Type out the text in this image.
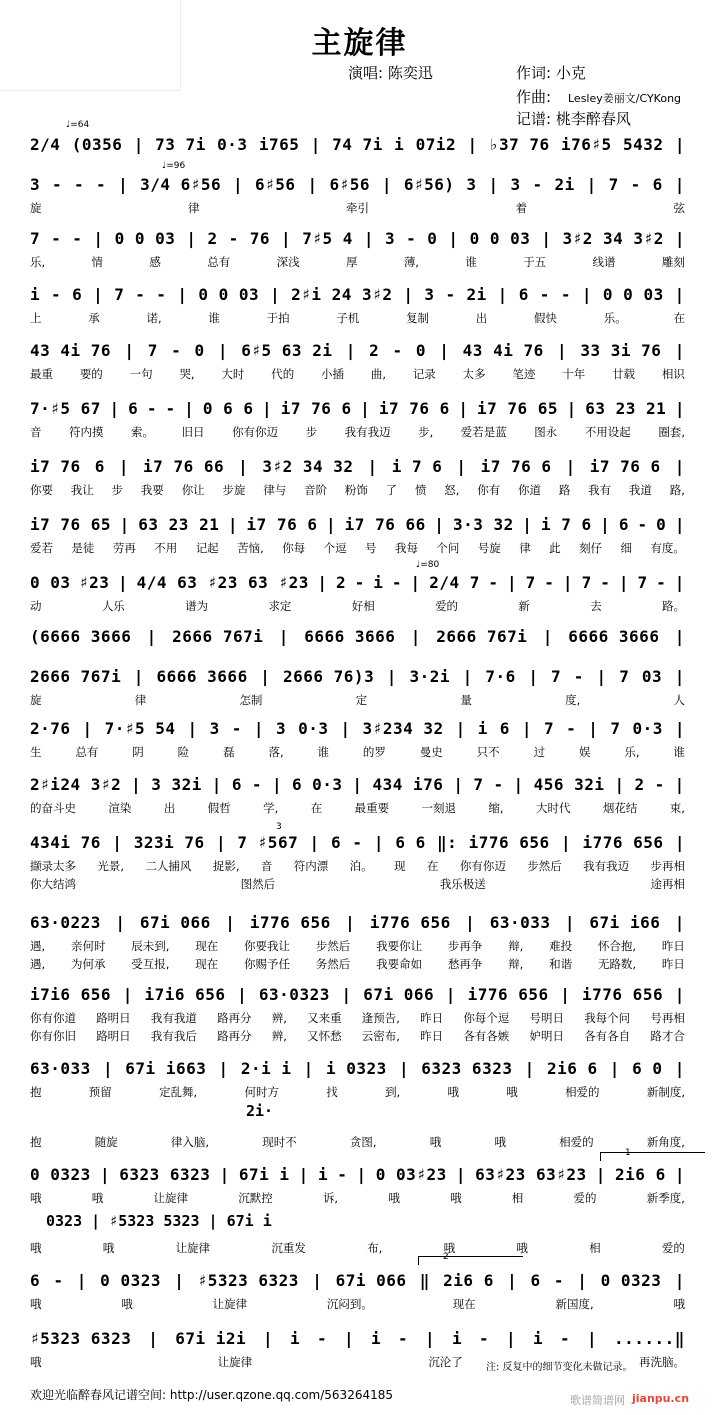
主旋律
演唱: 陈奕迅	作词: 小克
作曲: Lesley姜丽文/CYKong
记谱: 桃李醉春风
♩=64
♩=96
♩=80
2/4 (0356 | 73 7i 0·3 i765 | 74 7i i 07i2 | ♭37 76 i76♯5 5432 |
3 - - - | 3/4 6♯56 | 6♯56 | 6♯56 | 6♯56) 3 | 3 - 2i | 7 - 6 |
旋	律	牵引	着	弦
7 - - | 0 0 03 | 2 - 76 | 7♯5 4 | 3 - 0 | 0 0 03 | 3♯2 34 3♯2 |
乐,	情	感	总有	深浅	厚	薄,	谁	于五	线谱	雕刻
i - 6 | 7 - - | 0 0 03 | 2♯i 24 3♯2 | 3 - 2i | 6 - - | 0 0 03 |
上	承	诺,	谁	于拍	子机	复制	出	假快	乐。	在
43 4i 76 | 7 - 0 | 6♯5 63 2i | 2 - 0 | 43 4i 76 | 33 3i 76 |
最重 要的 一句 哭, 大时 代的 小插 曲, 记录 太多 笔迹 十年 廿载 相识
7·♯5 67 | 6 - - | 0 6 6 | i7 76 6 | i7 76 6 | i7 76 65 | 63 23 21 |
音 符内摸 索。 旧日 你有你迈 步 我有我迈 步, 爱若是蓝 图永 不用设起 圈套,
i7 76 6 | i7 76 66 | 3♯2 34 32 | i 7 6 | i7 76 6 | i7 76 6 |
你要 我让 步 我要 你让 步旋 律与 音阶 粉饰 了 愤 怒, 你有 你道 路 我有 我道 路,
i7 76 65 | 63 23 21 | i7 76 6 | i7 76 66 | 3·3 32 | i 7 6 | 6 - 0 |
爱若 是徒 劳再 不用 记起 苦恼, 你每 个逗 号 我每 个问 号旋 律 此 刻仔 细 有度。
0 03 ♯23 | 4/4 63 ♯23 63 ♯23 | 2 - i - | 2/4 7 - | 7 - | 7 - | 7 - |
动	人乐	谱为	求定	好相	爱的	新	去	路。
(6666 3666 | 2666 767i | 6666 3666 | 2666 767i | 6666 3666 |
2666 767i | 6666 3666 | 2666 76)3 | 3·2i | 7·6 | 7 - | 7 03 |
旋	律	怎制	定	量	度,	人
2·76 | 7·♯5 54 | 3 - | 3 0·3 | 3♯234 32 | i 6 | 7 - | 7 0·3 |
生	总有	阴	险	磊	落,	谁	的罗	曼史	只不	过	娱	乐,	谁
2♯i24 3♯2 | 3 32i | 6 - | 6 0·3 | 434 i76 | 7 - | 456 32i | 2 - |
的奋斗史	渲染	出	假哲	学,	在	最重要	一刻退	缩,	大时代	烟花结	束,
434i 76 | 323i 76 | 7 ♯567 | 6 - | 6 6 ‖: i776 656 | i776 656 |
撷录太多 光景, 二人捕风 捉影, 音 符内漂 泊。 现 在 你有你迈 步然后 我有我迈 步再相
63·0223 | 67i 066 | i776 656 | i776 656 | 63·033 | 67i i66 |
遇, 亲何时 辰未到, 现在 你要我让 步然后 我要你让 步再争 辩, 难投 怀合抱, 昨日
i7i6 656 | i7i6 656 | 63·0323 | 67i 066 | i776 656 | i776 656 |
你有你道 路明日 我有我道 路再分 辨, 又来重 逢预告, 昨日 你每个逗 号明日 我每个问 号再相
63·033 | 67i i663 | 2·i i | i 0323 | 6323 6323 | 2i6 6 | 6 0 |
抱	预留	定乱舞,	何时方	找	到,	哦	哦	相爱的	新制度,
0 0323 | 6323 6323 | 67i i | i - | 0 03♯23 | 63♯23 63♯23 | 2i6 6 |
哦	哦	让旋律	沉默控	诉,	哦	哦	相	爱的	新季度,
6 - | 0 0323 | ♯5323 6323 | 67i 066 ‖ 2i6 6 | 6 - | 0 0323 |
哦	哦	让旋律	沉闷到。	现在	新国度,	哦
♯5323 6323 | 67i i2i | i - | i - | i - | i - | ......‖
哦	让旋律	沉沦了	再洗脑。
注: 反复中的细节变化未做记录。
欢迎光临醉春风记谱空间: http://user.qzone.qq.com/563264185	歌谱简谱网 jianpu.cn
你大结鸿	图然后	我乐极送	途再相
遇, 为何承 受互报, 现在 你赐予任 务然后 我要命如 愁再争 辩, 和谐 无路数, 昨日
你有你旧 路明日 我有我后 路再分 辨, 又怀愁 云密布, 昨日 各有各嫉 妒明日 各有各自 路才合
抱	随旋	律入脑,	现时不	贪图,	哦	哦	相爱的	新角度,
哦	哦	让旋律	沉重发	布,	哦	哦	相	爱的
2i·
0323 | ♯5323 5323 | 67i i
1
2
3
